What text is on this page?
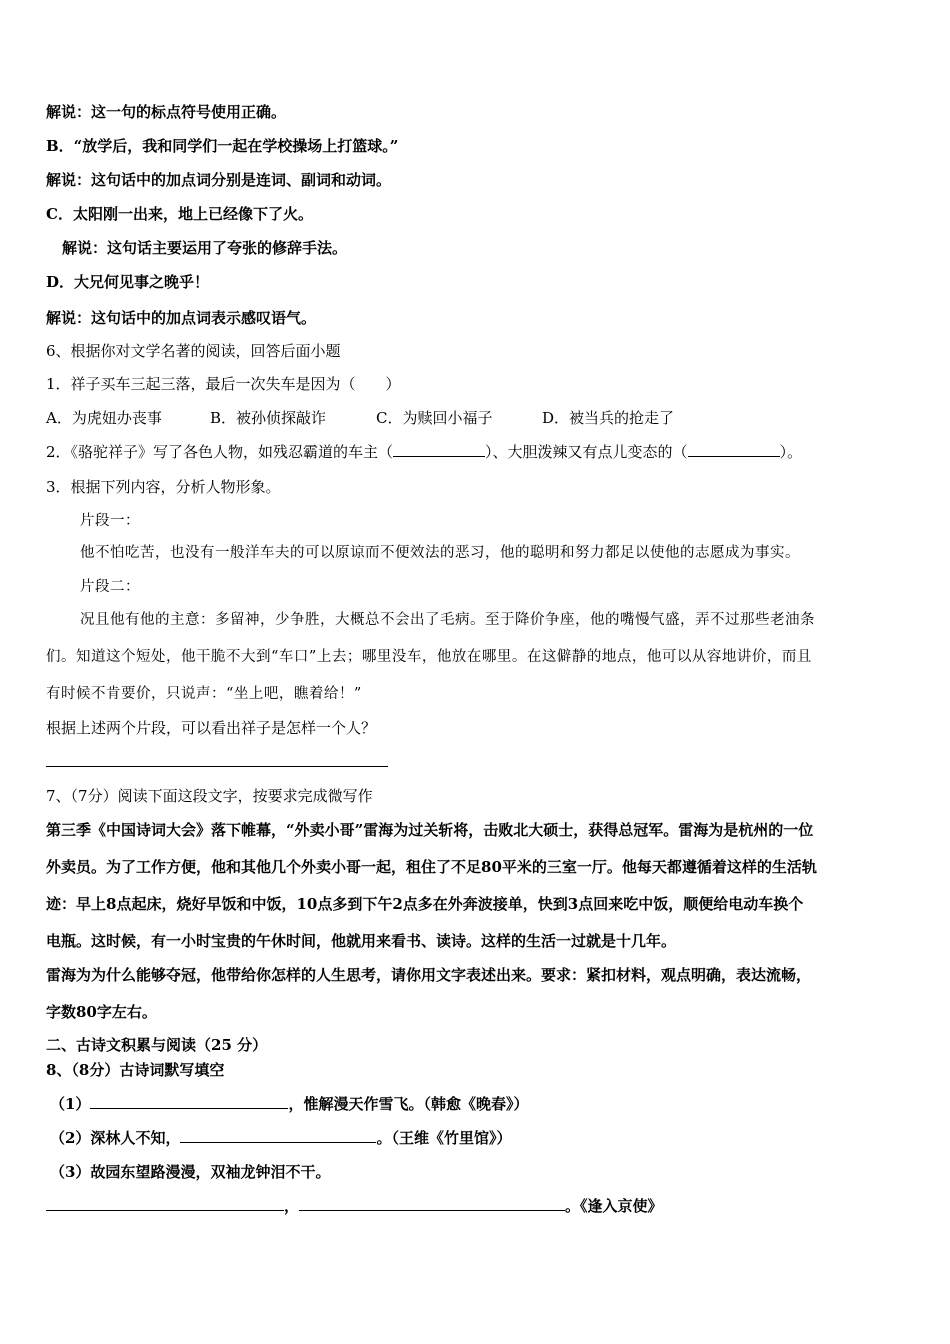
解说：这一句的标点符号使用正确。
B．“放学后，我和同学们一起在学校操场上打篮球。”
解说：这句话中的加点词分别是连词、副词和动词。
C．太阳刚一出来，地上已经像下了火。
解说：这句话主要运用了夸张的修辞手法。
D．大兄何见事之晚乎！
解说：这句话中的加点词表示感叹语气。
6、根据你对文学名著的阅读，回答后面小题
1．祥子买车三起三落，最后一次失车是因为（　　）
A．为虎妞办丧事	B．被孙侦探敲诈	C．为赎回小福子	D．被当兵的抢走了
2．《骆驼祥子》写了各色人物，如残忍霸道的车主（	）、大胆泼辣又有点儿变态的（	）。
3．根据下列内容，分析人物形象。
片段一：
他不怕吃苦，也没有一般洋车夫的可以原谅而不便效法的恶习，他的聪明和努力都足以使他的志愿成为事实。
片段二：
况且他有他的主意：多留神，少争胜，大概总不会出了毛病。至于降价争座，他的嘴慢气盛，弄不过那些老油条
们。知道这个短处，他干脆不大到“车口”上去；哪里没车，他放在哪里。在这僻静的地点，他可以从容地讲价，而且
有时候不肯要价，只说声：“坐上吧，瞧着给！”
根据上述两个片段，可以看出祥子是怎样一个人？
7、（7分）阅读下面这段文字，按要求完成微写作
第三季《中国诗词大会》落下帷幕，“外卖小哥”雷海为过关斩将，击败北大硕士，获得总冠军。雷海为是杭州的一位
外卖员。为了工作方便，他和其他几个外卖小哥一起，租住了不足80平米的三室一厅。他每天都遵循着这样的生活轨
迹：早上8点起床，烧好早饭和中饭，10点多到下午2点多在外奔波接单，快到3点回来吃中饭，顺便给电动车换个
电瓶。这时候，有一小时宝贵的午休时间，他就用来看书、读诗。这样的生活一过就是十几年。
雷海为为什么能够夺冠，他带给你怎样的人生思考，请你用文字表述出来。要求：紧扣材料，观点明确，表达流畅，
字数80字左右。
二、古诗文积累与阅读（25 分）
8、（8分）古诗词默写填空
（1）	，惟解漫天作雪飞。（韩愈《晚春》）
（2）深林人不知，	。（王维《竹里馆》）
（3）故园东望路漫漫，双袖龙钟泪不干。
，	。《逢入京使》
